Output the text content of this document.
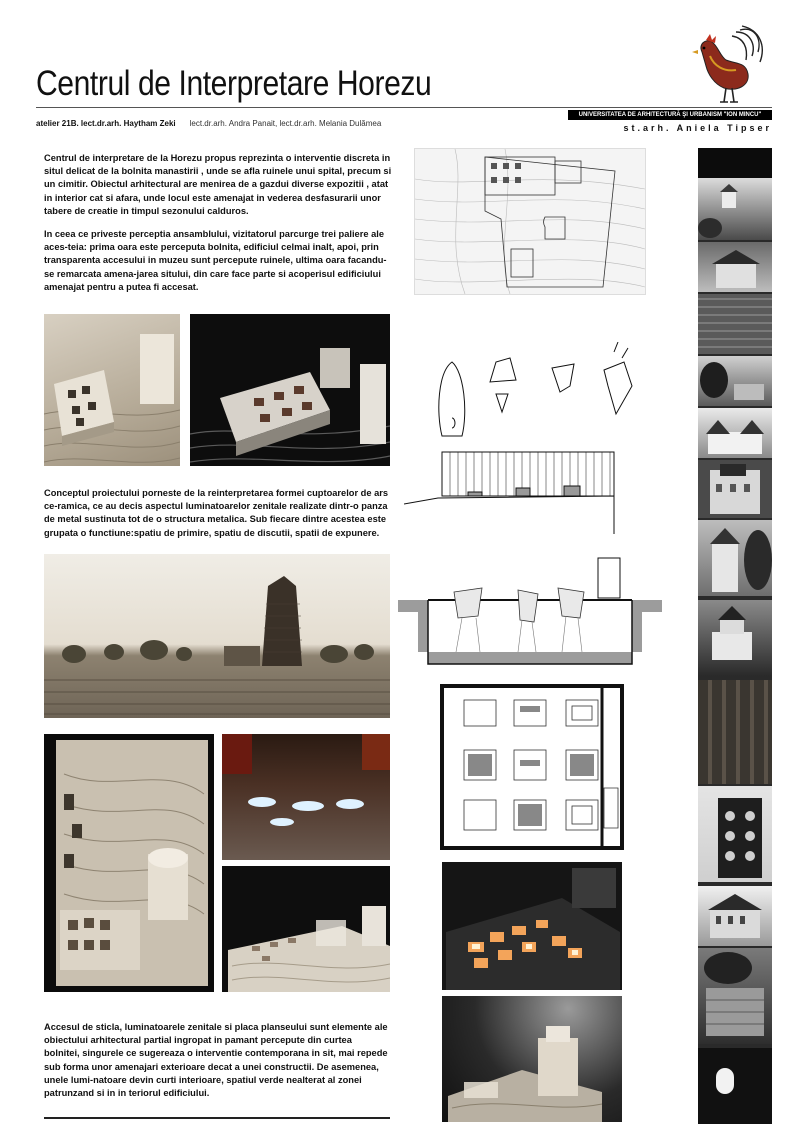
Centrul de Interpretare Horezu
atelier 21B. lect.dr.arh. Haytham Zeki lect.dr.arh. Andra Panait, lect.dr.arh. Melania Dulămea
UNIVERSITATEA DE ARHITECTURĂ ŞI URBANISM "ION MINCU"
st.arh. Aniela Tipser
Centrul de interpretare de la Horezu propus reprezinta o interventie discreta in situl delicat de la bolnita manastirii , unde se afla ruinele unui spital, precum si un cimitir. Obiectul arhitectural are menirea de a gazdui diverse expozitii , atat in interior cat si afara, unde locul este amenajat in vederea desfasurarii unor tabere de creatie in timpul sezonului calduros.
In ceea ce priveste perceptia ansamblului, vizitatorul parcurge trei paliere ale aces-teia: prima oara este perceputa bolnita, edificiul celmai inalt, apoi, prin transparenta accesului in muzeu sunt percepute ruinele, ultima oara facandu-se remarcata amena-jarea sitului, din care face parte si acoperisul edificiului amenajat pentru a putea fi accesat.
Conceptul proiectului porneste de la reinterpretarea formei cuptoarelor de ars ce-ramica, ce au decis aspectul luminatoarelor zenitale realizate dintr-o panza de metal sustinuta tot de o structura metalica. Sub fiecare dintre acestea este grupata o functiune:spatiu de primire, spatiu de discutii, spatii de expunere.
Accesul de sticla, luminatoarele zenitale si placa planseului sunt elemente ale obiectului arhitectural partial ingropat in pamant percepute din curtea bolnitei, singurele ce sugereaza o interventie contemporana in sit, mai repede sub forma unor amenajari exterioare decat a unei constructii. De asemenea, unele lumi-natoare devin curti interioare, spatiul verde nealterat al zonei patrunzand si in in teriorul edificiului.
